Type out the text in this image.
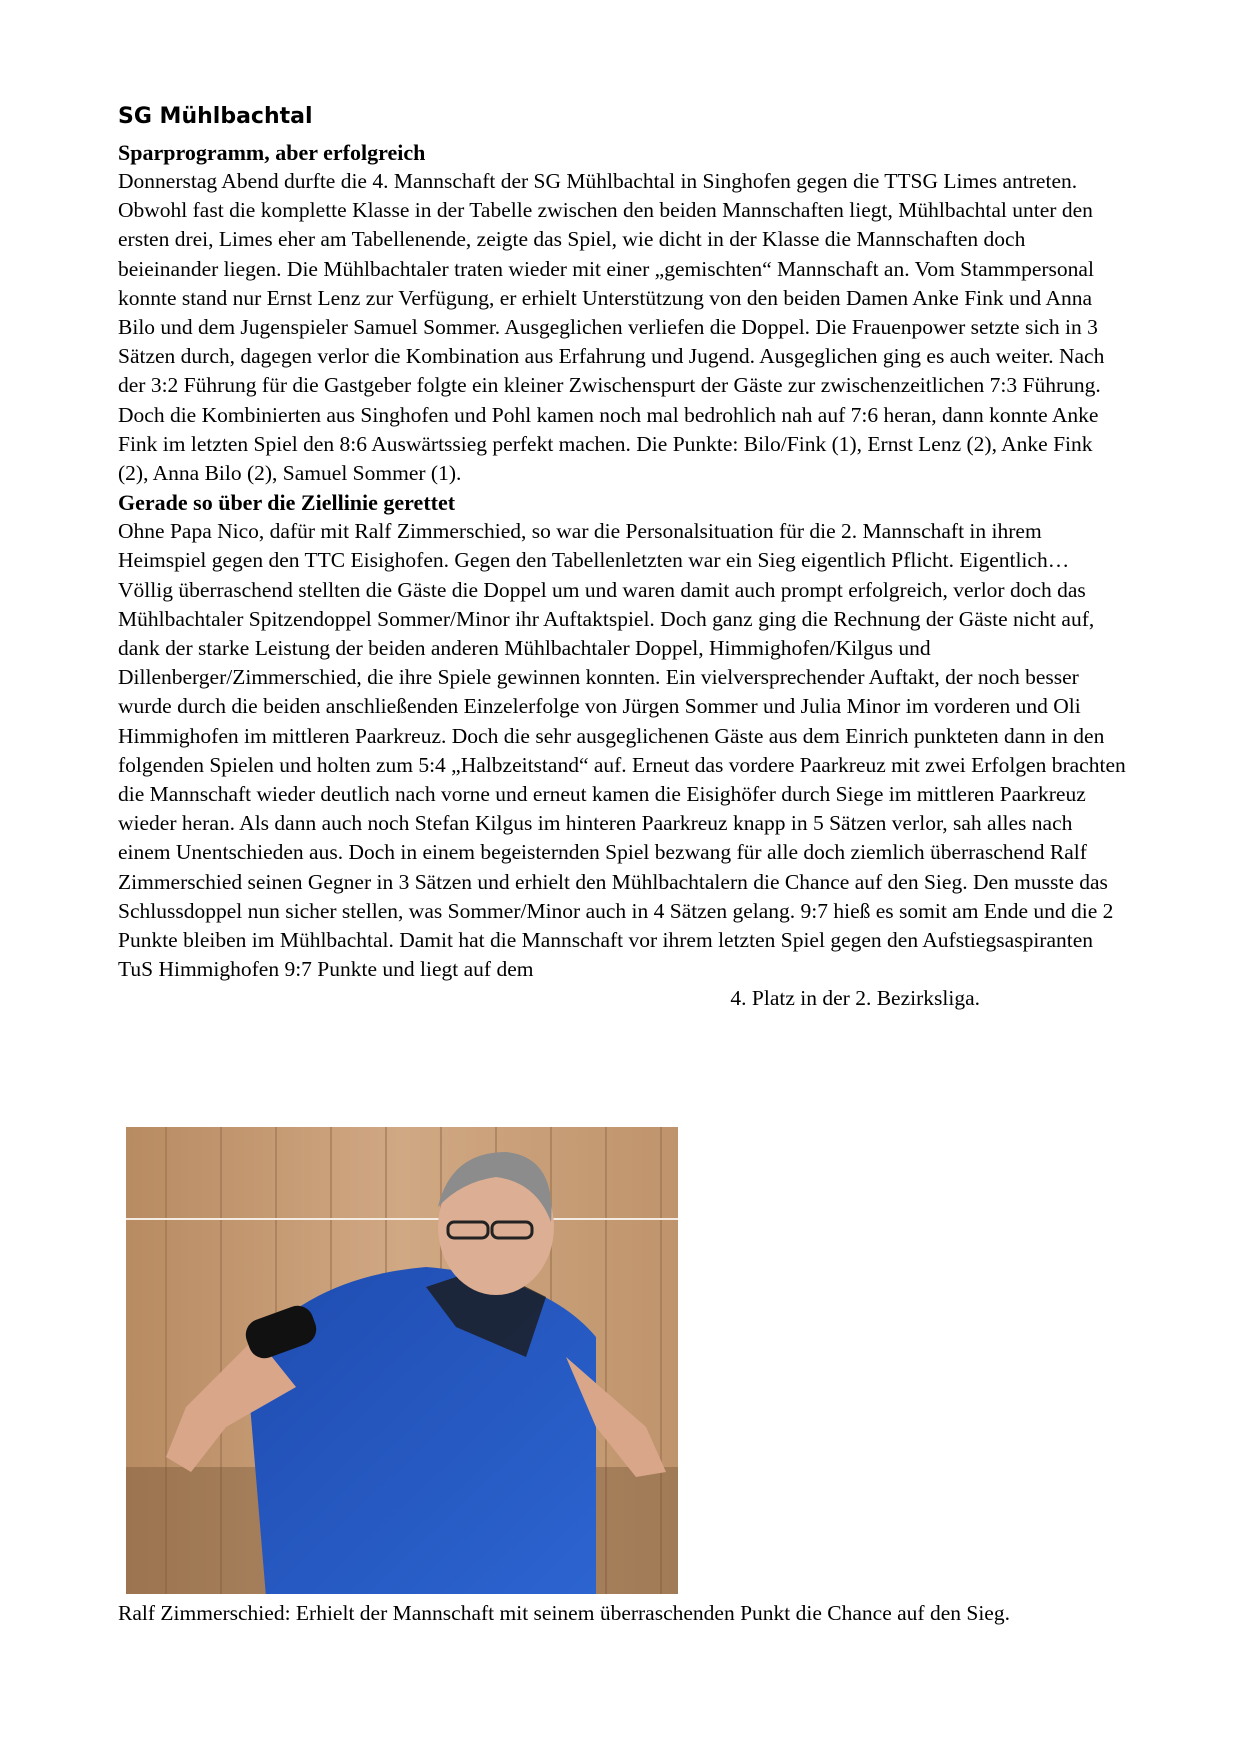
SG Mühlbachtal
Sparprogramm, aber erfolgreich

Donnerstag Abend durfte die 4. Mannschaft der SG Mühlbachtal in Singhofen gegen die TTSG Limes antreten. Obwohl fast die komplette Klasse in der Tabelle zwischen den beiden Mannschaften liegt, Mühlbachtal unter den ersten drei, Limes eher am Tabellenende, zeigte das Spiel, wie dicht in der Klasse die Mannschaften doch beieinander liegen. Die Mühlbachtaler traten wieder mit einer „gemischten“ Mannschaft an. Vom Stammpersonal konnte stand nur Ernst Lenz zur Verfügung, er erhielt Unterstützung von den beiden Damen Anke Fink und Anna Bilo und dem Jugenspieler Samuel Sommer. Ausgeglichen verliefen die Doppel. Die Frauenpower setzte sich in 3 Sätzen durch, dagegen verlor die Kombination aus Erfahrung und Jugend. Ausgeglichen ging es auch weiter. Nach der 3:2 Führung für die Gastgeber folgte ein kleiner Zwischenspurt der Gäste zur zwischenzeitlichen 7:3 Führung. Doch die Kombinierten aus Singhofen und Pohl kamen noch mal bedrohlich nah auf 7:6 heran, dann konnte Anke Fink im letzten Spiel den 8:6 Auswärtssieg perfekt machen. Die Punkte: Bilo/Fink (1), Ernst Lenz (2), Anke Fink (2), Anna Bilo (2), Samuel Sommer (1).

Gerade so über die Ziellinie gerettet

Ohne Papa Nico, dafür mit Ralf Zimmerschied, so war die Personalsituation für die 2. Mannschaft in ihrem Heimspiel gegen den TTC Eisighofen. Gegen den Tabellenletzten war ein Sieg eigentlich Pflicht. Eigentlich… Völlig überraschend stellten die Gäste die Doppel um und waren damit auch prompt erfolgreich, verlor doch das Mühlbachtaler Spitzendoppel Sommer/Minor ihr Auftaktspiel. Doch ganz ging die Rechnung der Gäste nicht auf, dank der starke Leistung der beiden anderen Mühlbachtaler Doppel, Himmighofen/Kilgus und Dillenberger/Zimmerschied, die ihre Spiele gewinnen konnten. Ein vielversprechender Auftakt, der noch besser wurde durch die beiden anschließenden Einzelerfolge von Jürgen Sommer und Julia Minor im vorderen und Oli Himmighofen im mittleren Paarkreuz. Doch die sehr ausgeglichenen Gäste aus dem Einrich punkteten dann in den folgenden Spielen und holten zum 5:4 „Halbzeitstand“ auf. Erneut das vordere Paarkreuz mit zwei Erfolgen brachten die Mannschaft wieder deutlich nach vorne und erneut kamen die Eisighöfer durch Siege im mittleren Paarkreuz wieder heran. Als dann auch noch Stefan Kilgus im hinteren Paarkreuz knapp in 5 Sätzen verlor, sah alles nach einem Unentschieden aus. Doch in einem begeisternden Spiel bezwang für alle doch ziemlich überraschend Ralf Zimmerschied seinen Gegner in 3 Sätzen und erhielt den Mühlbachtalern die Chance auf den Sieg. Den musste das Schlussdoppel nun sicher stellen, was Sommer/Minor auch in 4 Sätzen gelang. 9:7 hieß es somit am Ende und die 2 Punkte bleiben im Mühlbachtal. Damit hat die Mannschaft vor ihrem letzten Spiel gegen den Aufstiegsaspiranten TuS Himmighofen 9:7 Punkte und liegt auf dem

4. Platz in der 2. Bezirksliga.

Ralf Zimmerschied: Erhielt der Mannschaft mit seinem überraschenden Punkt die Chance auf den Sieg.
